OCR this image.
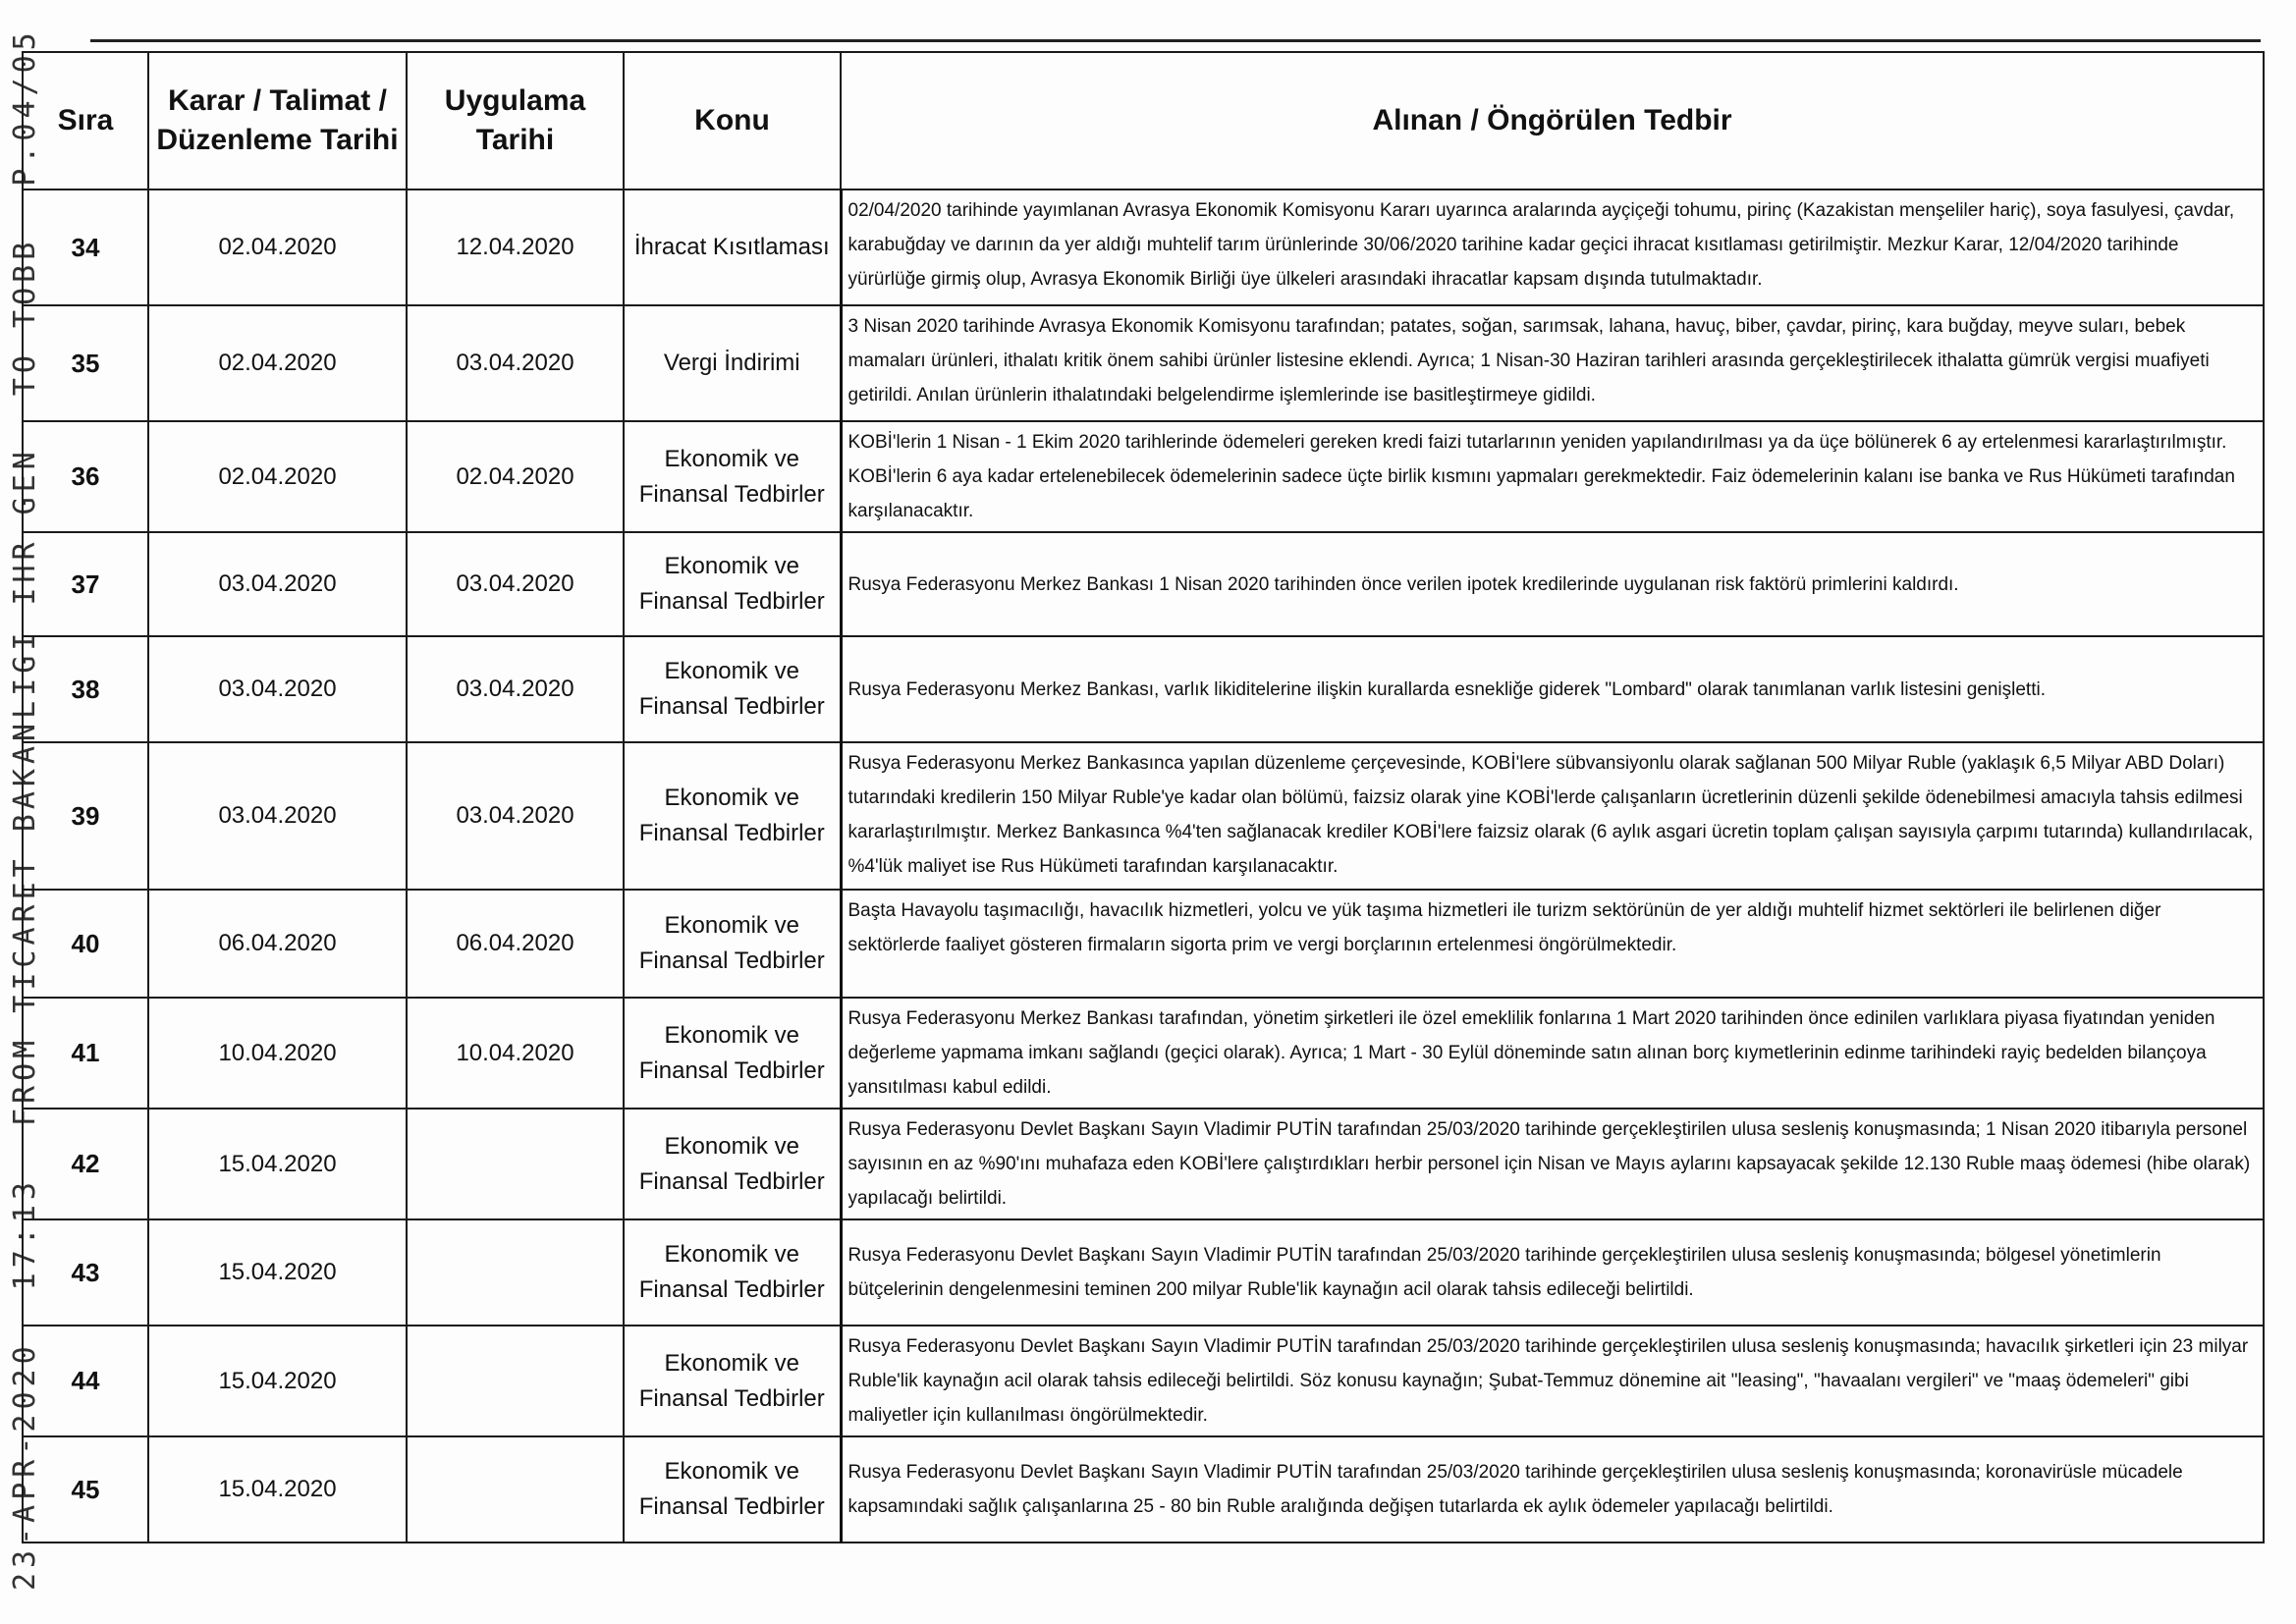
23-APR-2020
17:13
FROM TICARET BAKANLIGI IHR GEN
TO TOBB
P.04/05 Sıra	Karar / Talimat / Düzenleme Tarihi	Uygulama Tarihi	Konu	Alınan / Öngörülen Tedbir
34	02.04.2020	12.04.2020	İhracat Kısıtlaması	02/04/2020 tarihinde yayımlanan Avrasya Ekonomik Komisyonu Kararı uyarınca aralarında ayçiçeği tohumu, pirinç (Kazakistan menşeliler hariç), soya fasulyesi, çavdar, karabuğday ve darının da yer aldığı muhtelif tarım ürünlerinde 30/06/2020 tarihine kadar geçici ihracat kısıtlaması getirilmiştir. Mezkur Karar, 12/04/2020 tarihinde yürürlüğe girmiş olup, Avrasya Ekonomik Birliği üye ülkeleri arasındaki ihracatlar kapsam dışında tutulmaktadır.
35	02.04.2020	03.04.2020	Vergi İndirimi	3 Nisan 2020 tarihinde Avrasya Ekonomik Komisyonu tarafından; patates, soğan, sarımsak, lahana, havuç, biber, çavdar, pirinç, kara buğday, meyve suları, bebek mamaları ürünleri, ithalatı kritik önem sahibi ürünler listesine eklendi. Ayrıca; 1 Nisan-30 Haziran tarihleri arasında gerçekleştirilecek ithalatta gümrük vergisi muafiyeti getirildi. Anılan ürünlerin ithalatındaki belgelendirme işlemlerinde ise basitleştirmeye gidildi.
36	02.04.2020	02.04.2020	Ekonomik ve Finansal Tedbirler	KOBİ'lerin 1 Nisan - 1 Ekim 2020 tarihlerinde ödemeleri gereken kredi faizi tutarlarının yeniden yapılandırılması ya da üçe bölünerek 6 ay ertelenmesi kararlaştırılmıştır. KOBİ'lerin 6 aya kadar ertelenebilecek ödemelerinin sadece üçte birlik kısmını yapmaları gerekmektedir. Faiz ödemelerinin kalanı ise banka ve Rus Hükümeti tarafından karşılanacaktır.
37	03.04.2020	03.04.2020	Ekonomik ve Finansal Tedbirler	Rusya Federasyonu Merkez Bankası 1 Nisan 2020 tarihinden önce verilen ipotek kredilerinde uygulanan risk faktörü primlerini kaldırdı.
38	03.04.2020	03.04.2020	Ekonomik ve Finansal Tedbirler	Rusya Federasyonu Merkez Bankası, varlık likiditelerine ilişkin kurallarda esnekliğe giderek "Lombard" olarak tanımlanan varlık listesini genişletti.
39	03.04.2020	03.04.2020	Ekonomik ve Finansal Tedbirler	Rusya Federasyonu Merkez Bankasınca yapılan düzenleme çerçevesinde, KOBİ'lere sübvansiyonlu olarak sağlanan 500 Milyar Ruble (yaklaşık 6,5 Milyar ABD Doları) tutarındaki kredilerin 150 Milyar Ruble'ye kadar olan bölümü, faizsiz olarak yine KOBİ'lerde çalışanların ücretlerinin düzenli şekilde ödenebilmesi amacıyla tahsis edilmesi kararlaştırılmıştır. Merkez Bankasınca %4'ten sağlanacak krediler KOBİ'lere faizsiz olarak (6 aylık asgari ücretin toplam çalışan sayısıyla çarpımı tutarında) kullandırılacak, %4'lük maliyet ise Rus Hükümeti tarafından karşılanacaktır.
40	06.04.2020	06.04.2020	Ekonomik ve Finansal Tedbirler	Başta Havayolu taşımacılığı, havacılık hizmetleri, yolcu ve yük taşıma hizmetleri ile turizm sektörünün de yer aldığı muhtelif hizmet sektörleri ile belirlenen diğer sektörlerde faaliyet gösteren firmaların sigorta prim ve vergi borçlarının ertelenmesi öngörülmektedir.
41	10.04.2020	10.04.2020	Ekonomik ve Finansal Tedbirler	Rusya Federasyonu Merkez Bankası tarafından, yönetim şirketleri ile özel emeklilik fonlarına 1 Mart 2020 tarihinden önce edinilen varlıklara piyasa fiyatından yeniden değerleme yapmama imkanı sağlandı (geçici olarak). Ayrıca; 1 Mart - 30 Eylül döneminde satın alınan borç kıymetlerinin edinme tarihindeki rayiç bedelden bilançoya yansıtılması kabul edildi.
42	15.04.2020		Ekonomik ve Finansal Tedbirler	Rusya Federasyonu Devlet Başkanı Sayın Vladimir PUTİN tarafından 25/03/2020 tarihinde gerçekleştirilen ulusa sesleniş konuşmasında; 1 Nisan 2020 itibarıyla personel sayısının en az %90'ını muhafaza eden KOBİ'lere çalıştırdıkları herbir personel için Nisan ve Mayıs aylarını kapsayacak şekilde 12.130 Ruble maaş ödemesi (hibe olarak) yapılacağı belirtildi.
43	15.04.2020		Ekonomik ve Finansal Tedbirler	Rusya Federasyonu Devlet Başkanı Sayın Vladimir PUTİN tarafından 25/03/2020 tarihinde gerçekleştirilen ulusa sesleniş konuşmasında; bölgesel yönetimlerin bütçelerinin dengelenmesini teminen 200 milyar Ruble'lik kaynağın acil olarak tahsis edileceği belirtildi.
44	15.04.2020		Ekonomik ve Finansal Tedbirler	Rusya Federasyonu Devlet Başkanı Sayın Vladimir PUTİN tarafından 25/03/2020 tarihinde gerçekleştirilen ulusa sesleniş konuşmasında; havacılık şirketleri için 23 milyar Ruble'lik kaynağın acil olarak tahsis edileceği belirtildi. Söz konusu kaynağın; Şubat-Temmuz dönemine ait "leasing", "havaalanı vergileri" ve "maaş ödemeleri" gibi maliyetler için kullanılması öngörülmektedir.
45	15.04.2020		Ekonomik ve Finansal Tedbirler	Rusya Federasyonu Devlet Başkanı Sayın Vladimir PUTİN tarafından 25/03/2020 tarihinde gerçekleştirilen ulusa sesleniş konuşmasında; koronavirüsle mücadele kapsamındaki sağlık çalışanlarına 25 - 80 bin Ruble aralığında değişen tutarlarda ek aylık ödemeler yapılacağı belirtildi.
